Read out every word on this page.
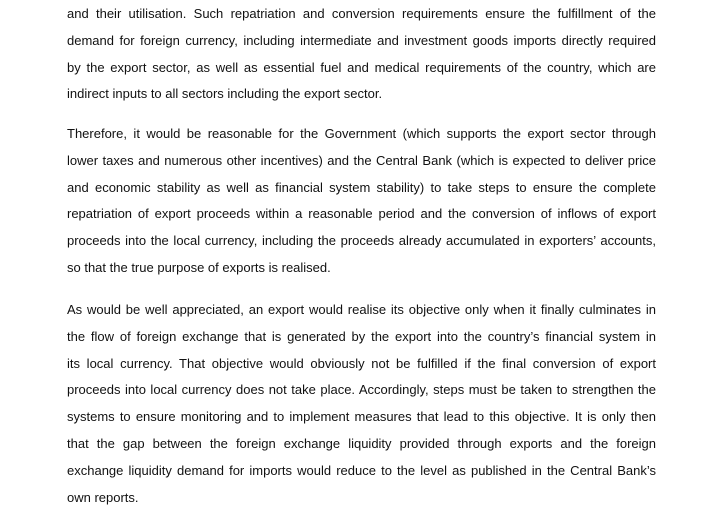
and their utilisation. Such repatriation and conversion requirements ensure the fulfillment of the
demand for foreign currency, including intermediate and investment goods imports directly required
by the export sector, as well as essential fuel and medical requirements of the country, which are
indirect inputs to all sectors including the export sector.

Therefore, it would be reasonable for the Government (which supports the export sector through
lower taxes and numerous other incentives) and the Central Bank (which is expected to deliver price
and economic stability as well as financial system stability) to take steps to ensure the complete
repatriation of export proceeds within a reasonable period and the conversion of inflows of export
proceeds into the local currency, including the proceeds already accumulated in exporters’ accounts,
so that the true purpose of exports is realised.

As would be well appreciated, an export would realise its objective only when it finally culminates in
the flow of foreign exchange that is generated by the export into the country’s financial system in
its local currency. That objective would obviously not be fulfilled if the final conversion of export
proceeds into local currency does not take place. Accordingly, steps must be taken to strengthen the
systems to ensure monitoring and to implement measures that lead to this objective. It is only then
that the gap between the foreign exchange liquidity provided through exports and the foreign
exchange liquidity demand for imports would reduce to the level as published in the Central Bank’s
own reports.
